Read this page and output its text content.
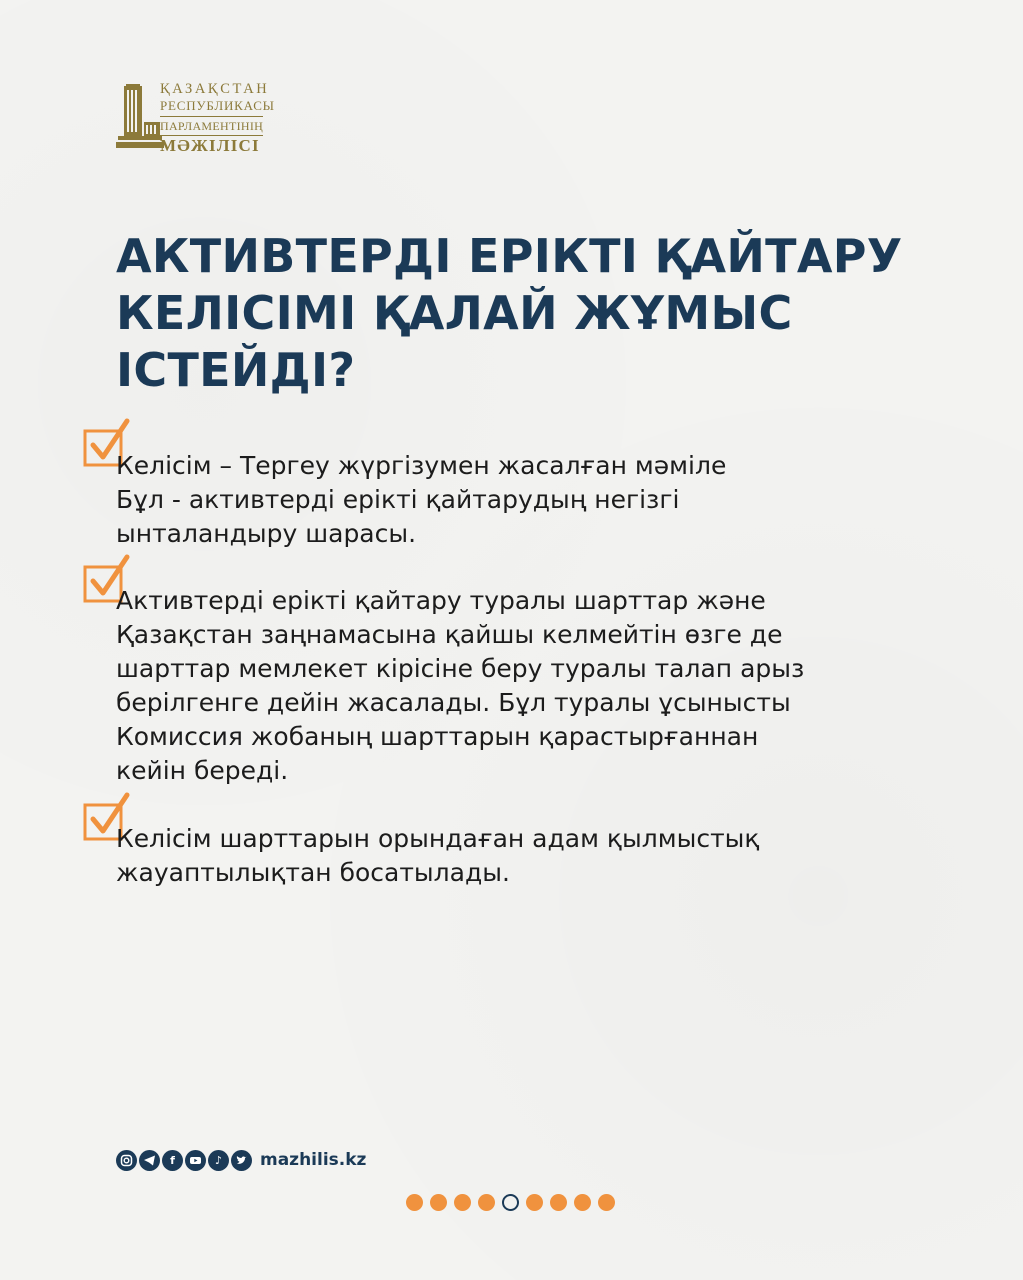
ҚАЗАҚСТАН
РЕСПУБЛИКАСЫ
ПАРЛАМЕНТІНІҢ
МӘЖІЛІСІ
АКТИВТЕРДІ ЕРІКТІ ҚАЙТАРУ КЕЛІСІМІ ҚАЛАЙ ЖҰМЫС ІСТЕЙДІ?

Келісім – Тергеу жүргізумен жасалған мәміле
Бұл - активтерді ерікті қайтарудың негізгі
ынталандыру шарасы.

Активтерді ерікті қайтару туралы шарттар және
Қазақстан заңнамасына қайшы келмейтін өзге де
шарттар мемлекет кірісіне беру туралы талап арыз
берілгенге дейін жасалады. Бұл туралы ұсынысты
Комиссия жобаның шарттарын қарастырғаннан
кейін береді.

Келісім шарттарын орындаған адам қылмыстық
жауаптылықтан босатылады.

f	♪	mazhilis.kz
